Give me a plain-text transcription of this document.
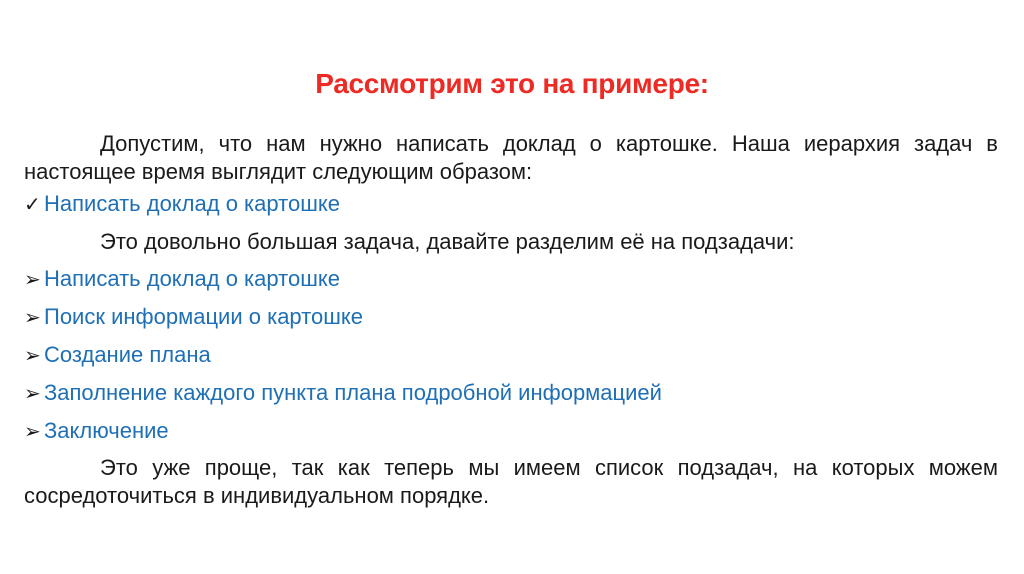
Рассмотрим это на примере:

Допустим, что нам нужно написать доклад о картошке. Наша иерархия задач в настоящее время выглядит следующим образом:

✓ Написать доклад о картошке

Это довольно большая задача, давайте разделим её на подзадачи:

➢ Написать доклад о картошке
➢ Поиск информации о картошке
➢ Создание плана
➢ Заполнение каждого пункта плана подробной информацией
➢ Заключение

Это уже проще, так как теперь мы имеем список подзадач, на которых можем сосредоточиться в индивидуальном порядке.
